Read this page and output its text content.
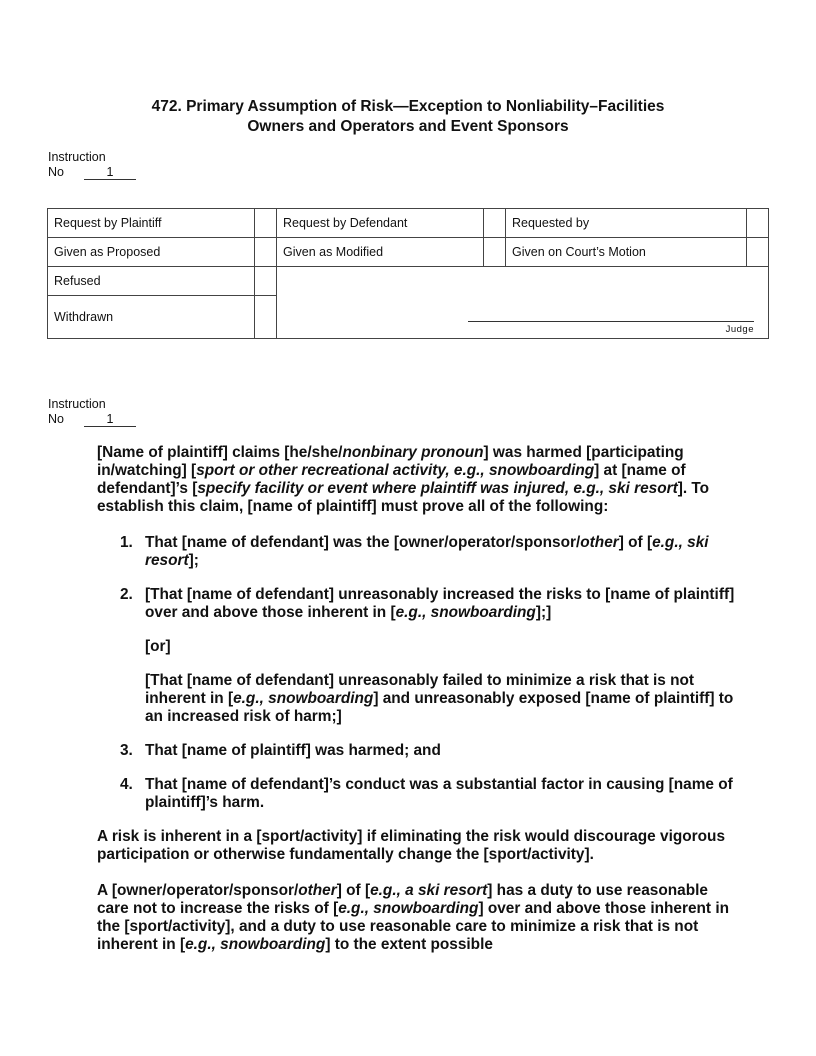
472. Primary Assumption of Risk—Exception to Nonliability–Facilities
Owners and Operators and Event Sponsors
Instruction
No	1
Request by Plaintiff		Request by Defendant		Requested by	
Given as Proposed		Given as Modified		Given on Court’s Motion	
Refused		Judge			

Withdrawn					
Instruction
No	1

[Name of plaintiff] claims [he/she/nonbinary pronoun] was harmed [participating in/watching] [sport or other recreational activity, e.g., snowboarding] at [name of defendant]’s [specify facility or event where plaintiff was injured, e.g., ski resort]. To establish this claim, [name of plaintiff] must prove all of the following:

1. That [name of defendant] was the [owner/operator/sponsor/other] of [e.g., ski resort];
2. [That [name of defendant] unreasonably increased the risks to [name of plaintiff] over and above those inherent in [e.g., snowboarding];]
[or]
[That [name of defendant] unreasonably failed to minimize a risk that is not inherent in [e.g., snowboarding] and unreasonably exposed [name of plaintiff] to an increased risk of harm;]
3. That [name of plaintiff] was harmed; and
4. That [name of defendant]’s conduct was a substantial factor in causing [name of plaintiff]’s harm.

A risk is inherent in a [sport/activity] if eliminating the risk would discourage vigorous participation or otherwise fundamentally change the [sport/activity].

A [owner/operator/sponsor/other] of [e.g., a ski resort] has a duty to use reasonable care not to increase the risks of [e.g., snowboarding] over and above those inherent in the [sport/activity], and a duty to use reasonable care to minimize a risk that is not inherent in [e.g., snowboarding] to the extent possible
